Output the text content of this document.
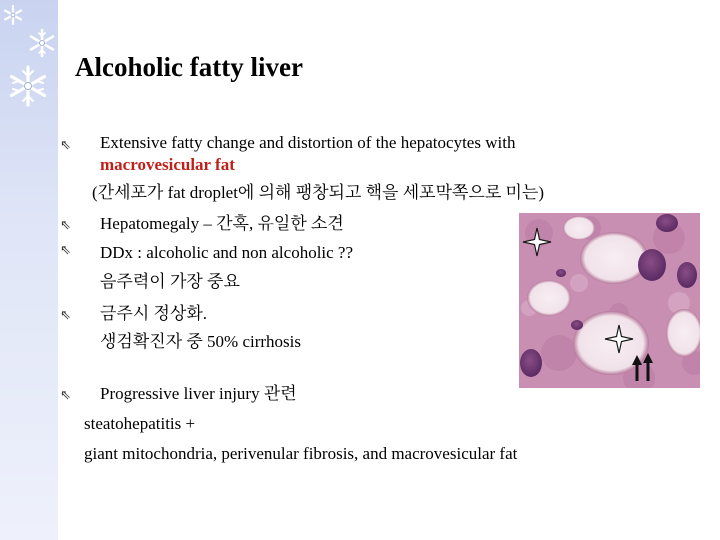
Alcoholic fatty liver
⇖
⇖
⇖
⇖
⇖
Extensive fatty change and distortion of the hepatocytes with
macrovesicular fat
(간세포가 fat droplet에 의해 팽창되고 핵을 세포막쪽으로 미는)
Hepatomegaly – 간혹, 유일한 소견
DDx : alcoholic and non alcoholic ??
음주력이 가장 중요
금주시 정상화.
생검확진자 중 50% cirrhosis
Progressive liver injury 관련
steatohepatitis +
giant mitochondria, perivenular fibrosis, and macrovesicular fat
